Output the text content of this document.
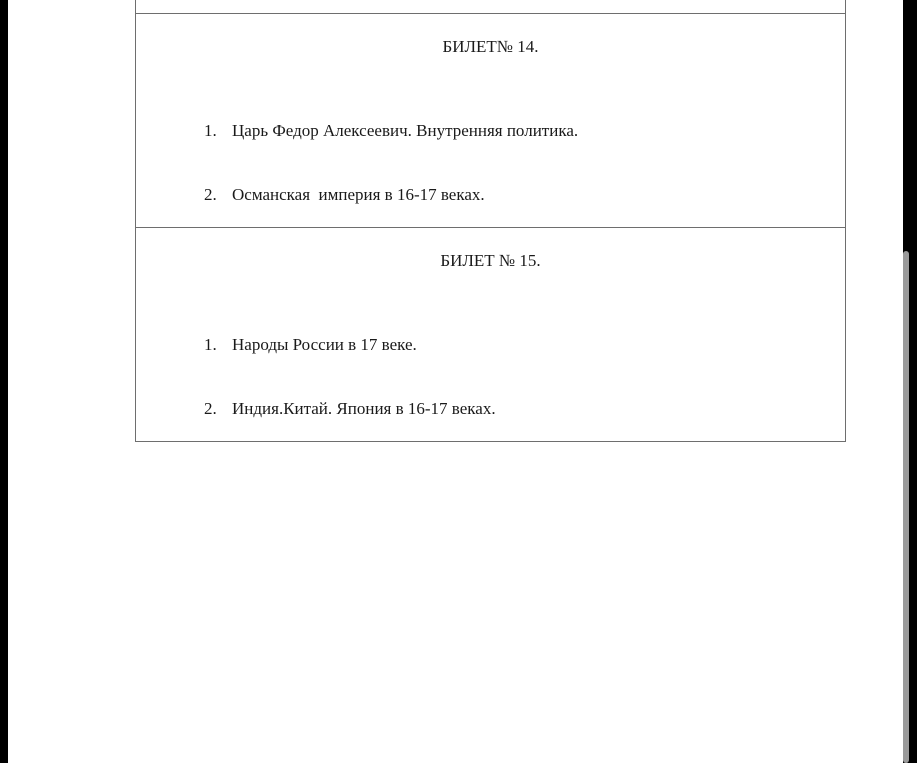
БИЛЕТ№ 14.

1. Царь Федор Алексеевич. Внутренняя политика.

2. Османская  империя в 16-17 веках.

БИЛЕТ № 15.

1. Народы России в 17 веке.

2. Индия.Китай. Япония в 16-17 веках.
